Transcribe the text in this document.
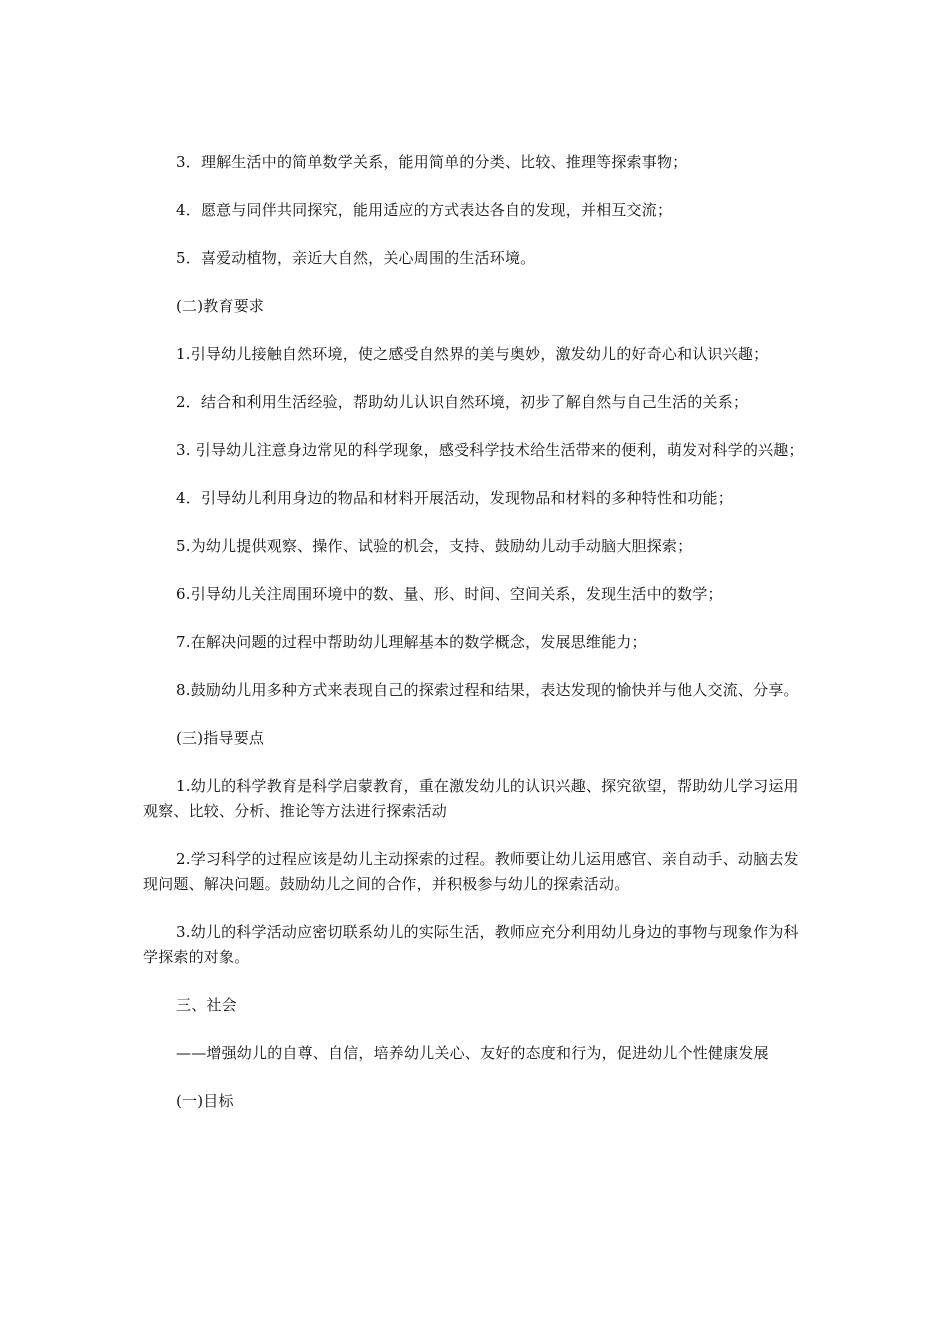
3．理解生活中的简单数学关系，能用简单的分类、比较、推理等探索事物；

4．愿意与同伴共同探究，能用适应的方式表达各自的发现，并相互交流；

5．喜爱动植物，亲近大自然，关心周围的生活环境。

(二)教育要求

1.引导幼儿接触自然环境，使之感受自然界的美与奥妙，激发幼儿的好奇心和认识兴趣；

2．结合和利用生活经验，帮助幼儿认识自然环境，初步了解自然与自己生活的关系；

3. 引导幼儿注意身边常见的科学现象，感受科学技术给生活带来的便利，萌发对科学的兴趣；

4．引导幼儿利用身边的物品和材料开展活动，发现物品和材料的多种特性和功能；

5.为幼儿提供观察、操作、试验的机会，支持、鼓励幼儿动手动脑大胆探索；

6.引导幼儿关注周围环境中的数、量、形、时间、空间关系，发现生活中的数学；

7.在解决问题的过程中帮助幼儿理解基本的数学概念，发展思维能力；

8.鼓励幼儿用多种方式来表现自己的探索过程和结果，表达发现的愉快并与他人交流、分享。

(三)指导要点

1.幼儿的科学教育是科学启蒙教育，重在激发幼儿的认识兴趣、探究欲望，帮助幼儿学习运用观察、比较、分析、推论等方法进行探索活动

2.学习科学的过程应该是幼儿主动探索的过程。教师要让幼儿运用感官、亲自动手、动脑去发现问题、解决问题。鼓励幼儿之间的合作，并积极参与幼儿的探索活动。

3.幼儿的科学活动应密切联系幼儿的实际生活，教师应充分利用幼儿身边的事物与现象作为科学探索的对象。

三、社会

——增强幼儿的自尊、自信，培养幼儿关心、友好的态度和行为，促进幼儿个性健康发展

(一)目标
